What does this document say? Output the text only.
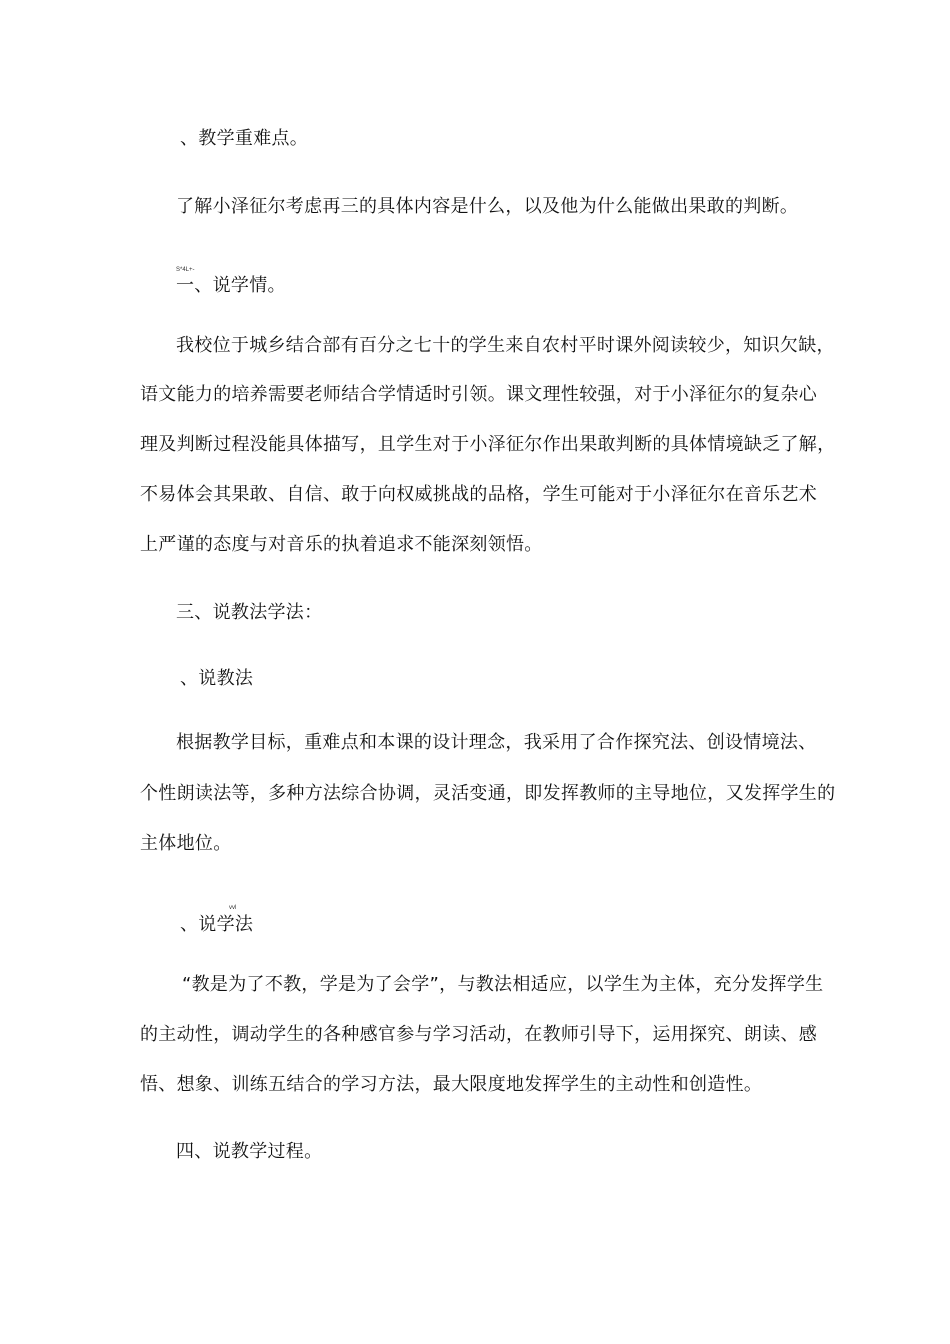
、教学重难点。

了解小泽征尔考虑再三的具体内容是什么，以及他为什么能做出果敢的判断。

S*4L+-

一、说学情。

我校位于城乡结合部有百分之七十的学生来自农村平时课外阅读较少，知识欠缺，

语文能力的培养需要老师结合学情适时引领。课文理性较强，对于小泽征尔的复杂心

理及判断过程没能具体描写，且学生对于小泽征尔作出果敢判断的具体情境缺乏了解，

不易体会其果敢、自信、敢于向权威挑战的品格，学生可能对于小泽征尔在音乐艺术

上严谨的态度与对音乐的执着追求不能深刻领悟。

三、说教法学法：

、说教法

根据教学目标，重难点和本课的设计理念，我采用了合作探究法、创设情境法、

个性朗读法等，多种方法综合协调，灵活变通，即发挥教师的主导地位，又发挥学生的

主体地位。

vvl

、说学法

“教是为了不教，学是为了会学”，与教法相适应，以学生为主体，充分发挥学生

的主动性，调动学生的各种感官参与学习活动，在教师引导下，运用探究、朗读、感

悟、想象、训练五结合的学习方法，最大限度地发挥学生的主动性和创造性。

四、说教学过程。
